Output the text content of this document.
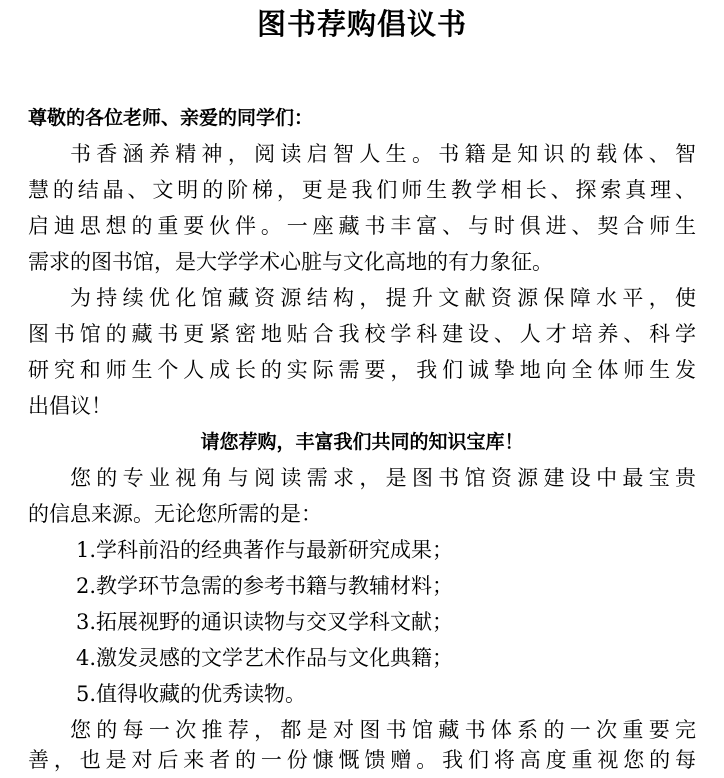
图书荐购倡议书
尊敬的各位老师、亲爱的同学们：
书香涵养精神，阅读启智人生。书籍是知识的载体、智
慧的结晶、文明的阶梯，更是我们师生教学相长、探索真理、
启迪思想的重要伙伴。一座藏书丰富、与时俱进、契合师生
需求的图书馆，是大学学术心脏与文化高地的有力象征。
为持续优化馆藏资源结构，提升文献资源保障水平，使
图书馆的藏书更紧密地贴合我校学科建设、人才培养、科学
研究和师生个人成长的实际需要，我们诚挚地向全体师生发
出倡议！
请您荐购，丰富我们共同的知识宝库！
您的专业视角与阅读需求，是图书馆资源建设中最宝贵
的信息来源。无论您所需的是：
1.学科前沿的经典著作与最新研究成果；
2.教学环节急需的参考书籍与教辅材料；
3.拓展视野的通识读物与交叉学科文献；
4.激发灵感的文学艺术作品与文化典籍；
5.值得收藏的优秀读物。
您的每一次推荐，都是对图书馆藏书体系的一次重要完
善，也是对后来者的一份慷慨馈赠。我们将高度重视您的每
